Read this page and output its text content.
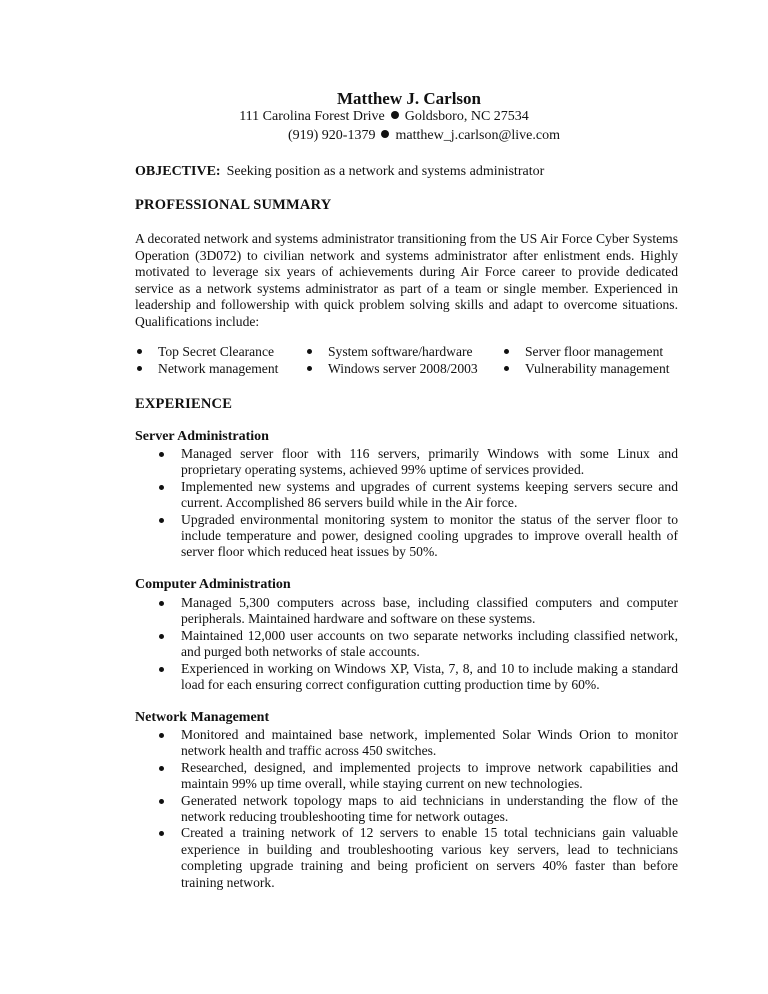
Matthew J. Carlson
111 Carolina Forest Drive Goldsboro, NC 27534
(919) 920-1379 matthew_j.carlson@live.com
OBJECTIVE: Seeking position as a network and systems administrator
PROFESSIONAL SUMMARY
A decorated network and systems administrator transitioning from the US Air Force Cyber Systems Operation (3D072) to civilian network and systems administrator after enlistment ends. Highly motivated to leverage six years of achievements during Air Force career to provide dedicated service as a network systems administrator as part of a team or single member. Experienced in leadership and followership with quick problem solving skills and adapt to overcome situations. Qualifications include:
Top Secret Clearance
Network management
System software/hardware
Windows server 2008/2003
Server floor management
Vulnerability management
EXPERIENCE
Server Administration
Managed server floor with 116 servers, primarily Windows with some Linux and proprietary operating systems, achieved 99% uptime of services provided.
Implemented new systems and upgrades of current systems keeping servers secure and current. Accomplished 86 servers build while in the Air force.
Upgraded environmental monitoring system to monitor the status of the server floor to include temperature and power, designed cooling upgrades to improve overall health of server floor which reduced heat issues by 50%.
Computer Administration
Managed 5,300 computers across base, including classified computers and computer peripherals. Maintained hardware and software on these systems.
Maintained 12,000 user accounts on two separate networks including classified network, and purged both networks of stale accounts.
Experienced in working on Windows XP, Vista, 7, 8, and 10 to include making a standard load for each ensuring correct configuration cutting production time by 60%.
Network Management
Monitored and maintained base network, implemented Solar Winds Orion to monitor network health and traffic across 450 switches.
Researched, designed, and implemented projects to improve network capabilities and maintain 99% up time overall, while staying current on new technologies.
Generated network topology maps to aid technicians in understanding the flow of the network reducing troubleshooting time for network outages.
Created a training network of 12 servers to enable 15 total technicians gain valuable experience in building and troubleshooting various key servers, lead to technicians completing upgrade training and being proficient on servers 40% faster than before training network.
